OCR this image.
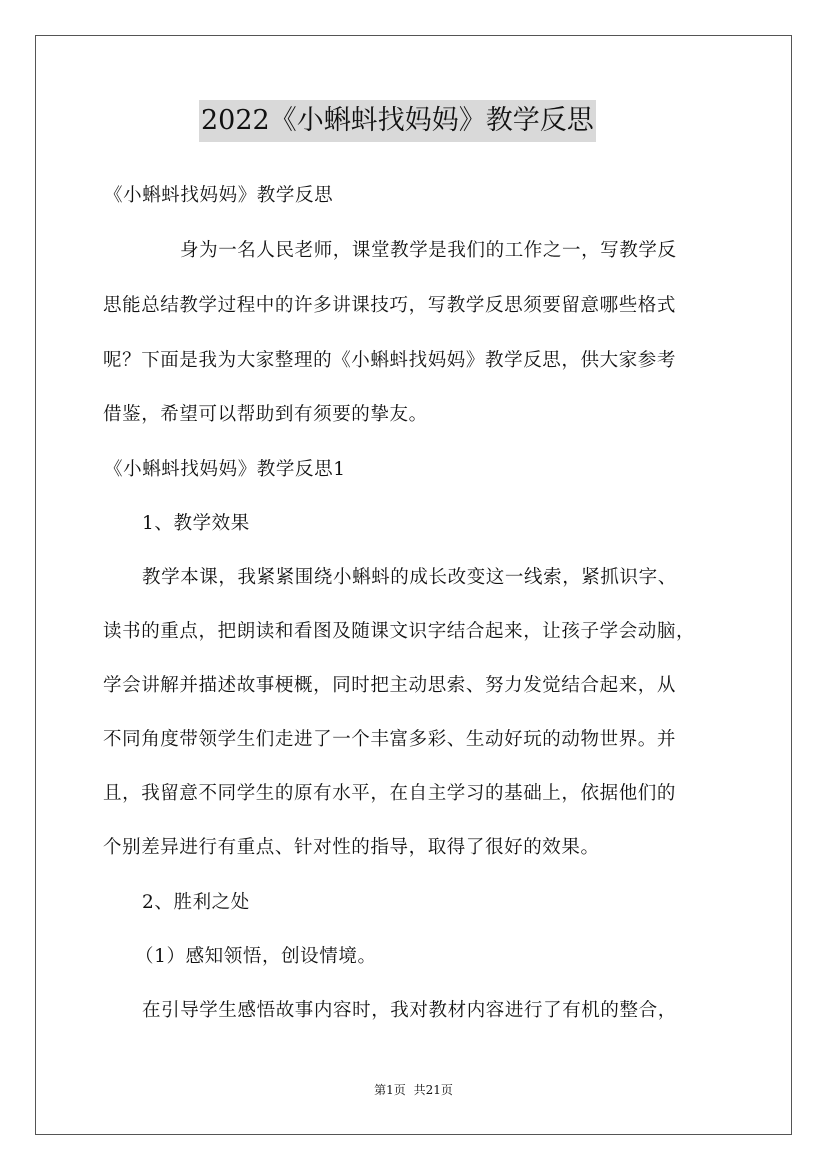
2022《小蝌蚪找妈妈》教学反思
《小蝌蚪找妈妈》教学反思
身为一名人民老师，课堂教学是我们的工作之一，写教学反
思能总结教学过程中的许多讲课技巧，写教学反思须要留意哪些格式
呢？下面是我为大家整理的《小蝌蚪找妈妈》教学反思，供大家参考
借鉴，希望可以帮助到有须要的挚友。
《小蝌蚪找妈妈》教学反思1
1、教学效果
教学本课，我紧紧围绕小蝌蚪的成长改变这一线索，紧抓识字、
读书的重点，把朗读和看图及随课文识字结合起来，让孩子学会动脑，
学会讲解并描述故事梗概，同时把主动思索、努力发觉结合起来，从
不同角度带领学生们走进了一个丰富多彩、生动好玩的动物世界。并
且，我留意不同学生的原有水平，在自主学习的基础上，依据他们的
个别差异进行有重点、针对性的指导，取得了很好的效果。
2、胜利之处
（1）感知领悟，创设情境。
在引导学生感悟故事内容时，我对教材内容进行了有机的整合，
第1页 共21页
